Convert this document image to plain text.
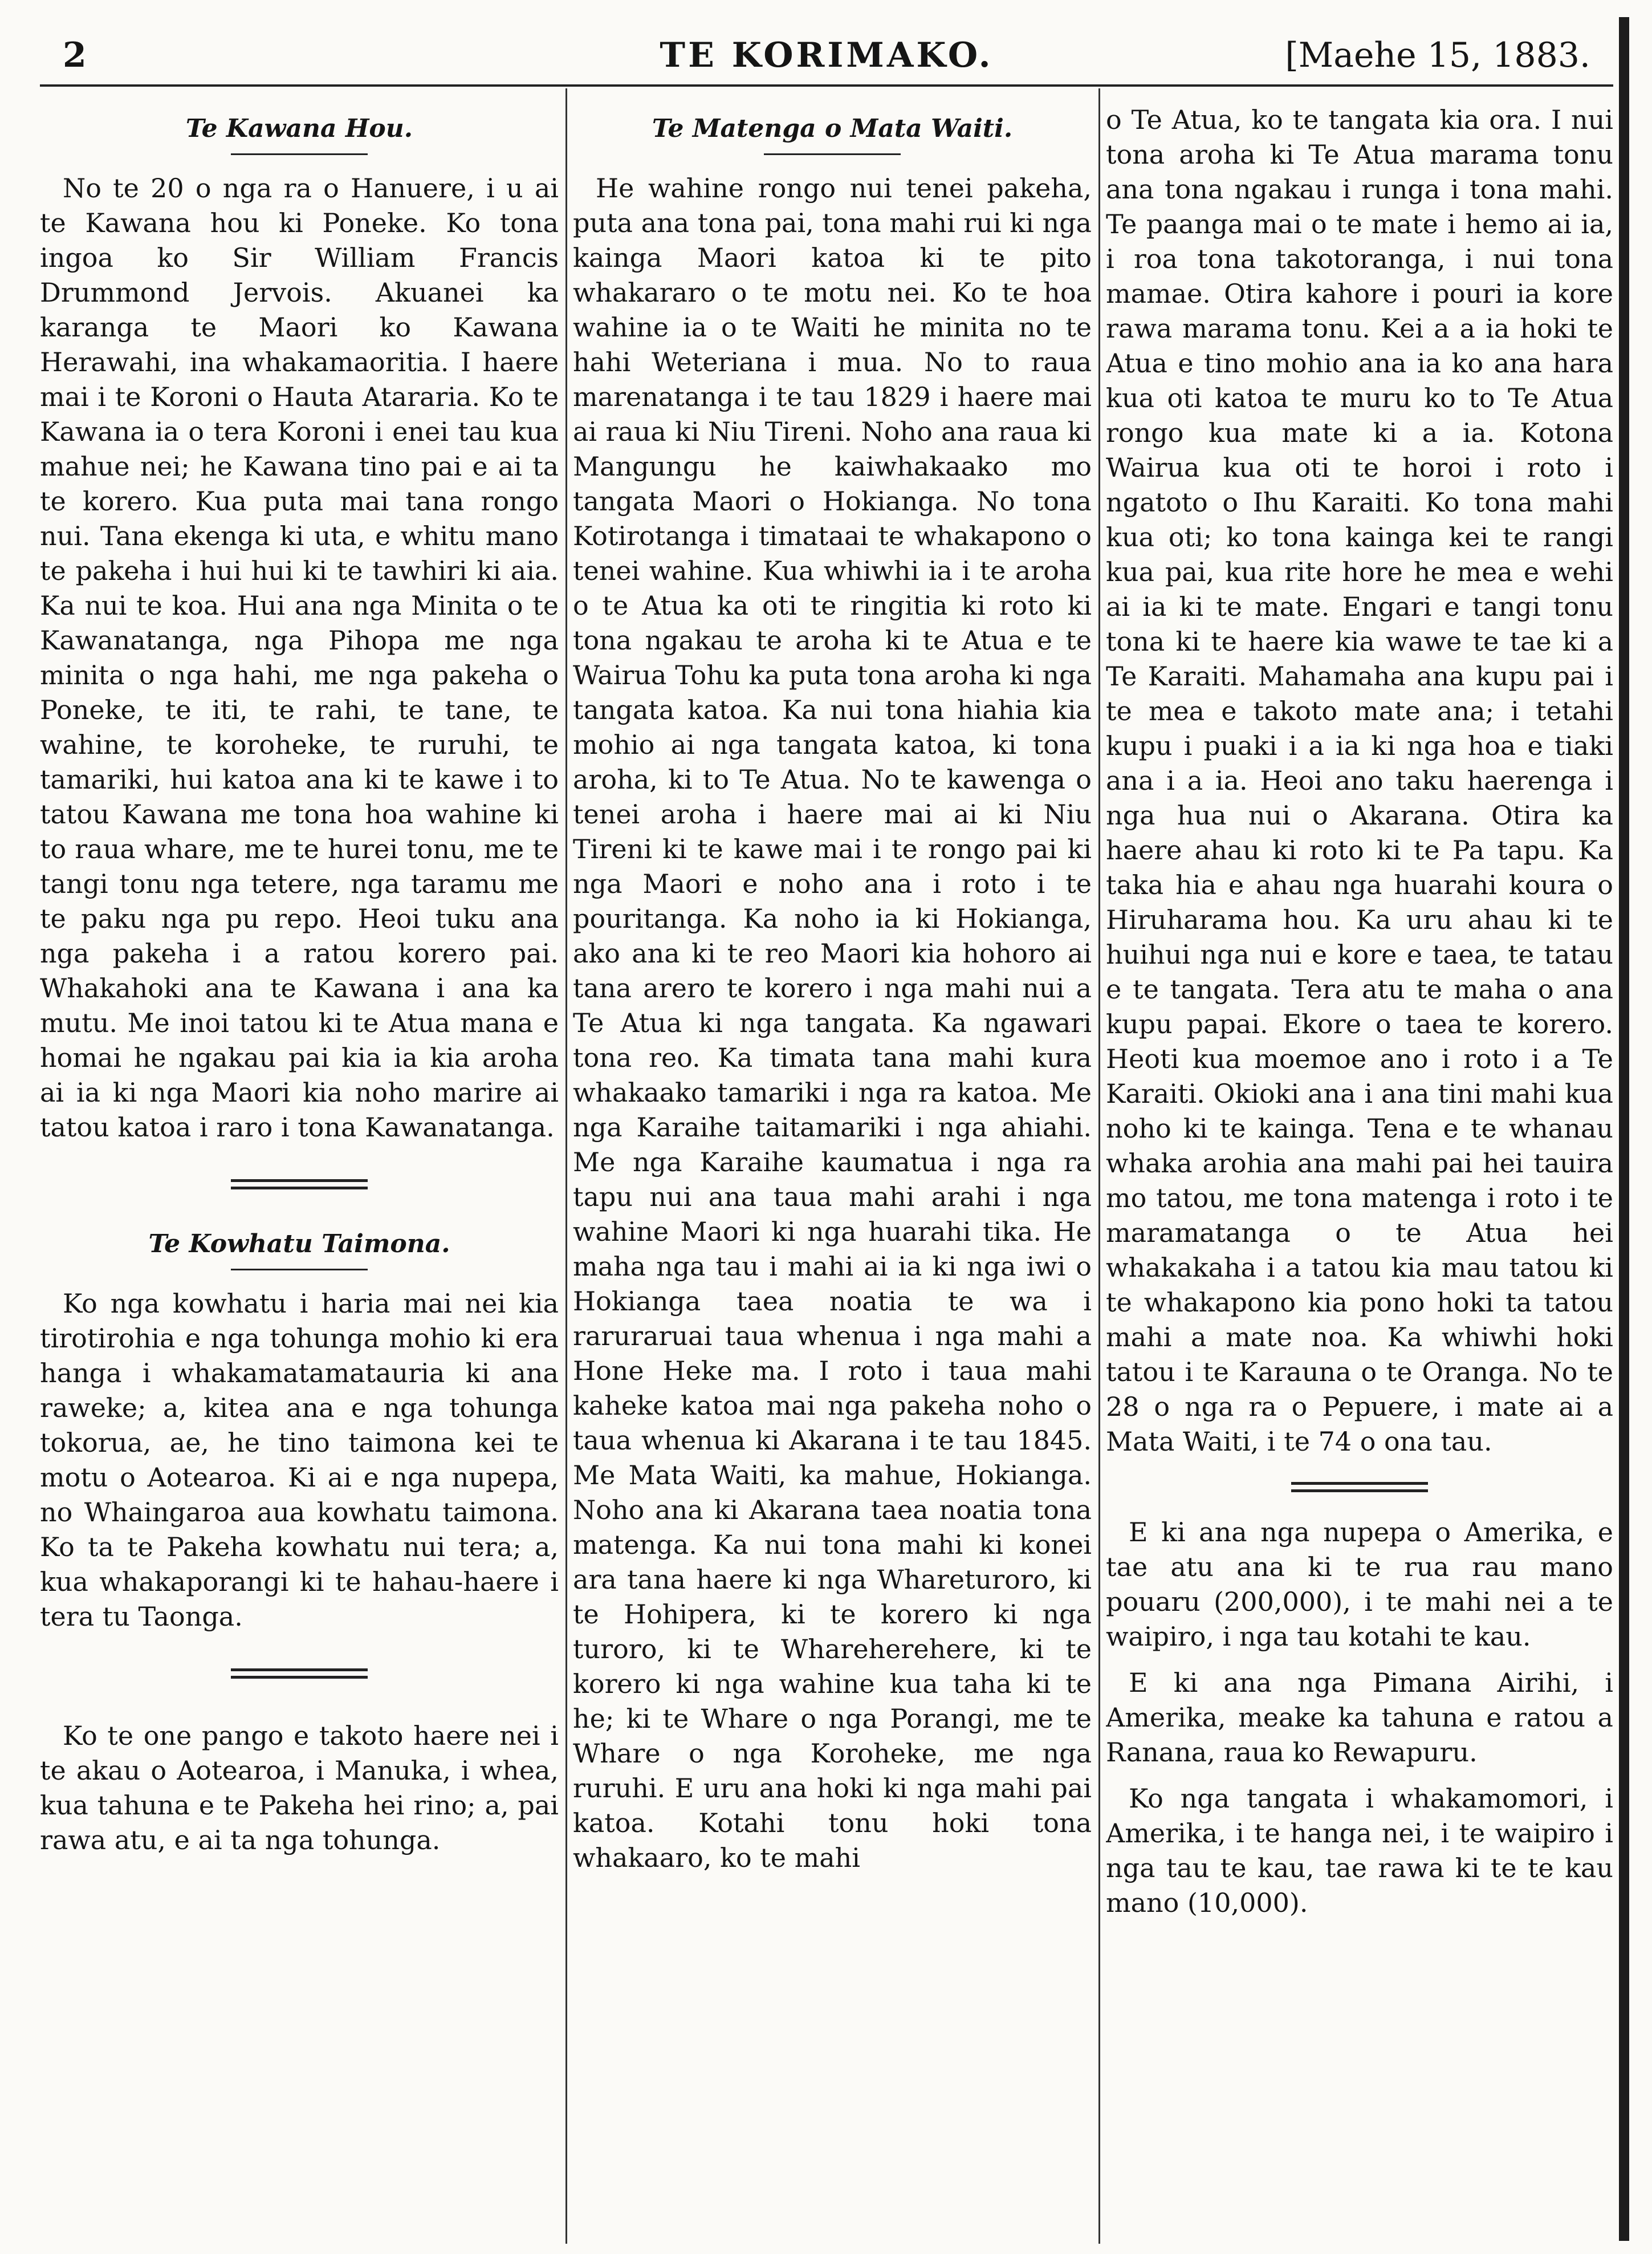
2	TE KORIMAKO.	[Maehe 15, 1883.
Te Kawana Hou.

No te 20 o nga ra o Hanuere, i u ai te Kawana hou ki Poneke. Ko tona ingoa ko Sir William Francis Drummond Jervois. Akuanei ka karanga te Maori ko Kawana Herawahi, ina whakamaoritia. I haere mai i te Koroni o Hauta Atararia. Ko te Kawana ia o tera Koroni i enei tau kua mahue nei; he Kawana tino pai e ai ta te korero. Kua puta mai tana rongo nui. Tana ekenga ki uta, e whitu mano te pakeha i hui hui ki te tawhiri ki aia. Ka nui te koa. Hui ana nga Minita o te Kawanatanga, nga Pihopa me nga minita o nga hahi, me nga pakeha o Poneke, te iti, te rahi, te tane, te wahine, te koroheke, te ruruhi, te tamariki, hui katoa ana ki te kawe i to tatou Kawana me tona hoa wahine ki to raua whare, me te hurei tonu, me te tangi tonu nga tetere, nga taramu me te paku nga pu repo. Heoi tuku ana nga pakeha i a ratou korero pai. Whakahoki ana te Kawana i ana ka mutu. Me inoi tatou ki te Atua mana e homai he ngakau pai kia ia kia aroha ai ia ki nga Maori kia noho marire ai tatou katoa i raro i tona Kawanatanga.

Te Kowhatu Taimona.

Ko nga kowhatu i haria mai nei kia tirotirohia e nga tohunga mohio ki era hanga i whakamatamatauria ki ana raweke; a, kitea ana e nga tohunga tokorua, ae, he tino taimona kei te motu o Aotearoa. Ki ai e nga nupepa, no Whaingaroa aua kowhatu taimona. Ko ta te Pakeha kowhatu nui tera; a, kua whakaporangi ki te hahau-haere i tera tu Taonga.

Ko te one pango e takoto haere nei i te akau o Aotearoa, i Manuka, i whea, kua tahuna e te Pakeha hei rino; a, pai rawa atu, e ai ta nga tohunga.

Te Matenga o Mata Waiti.

He wahine rongo nui tenei pakeha, puta ana tona pai, tona mahi rui ki nga kainga Maori katoa ki te pito whakararo o te motu nei. Ko te hoa wahine ia o te Waiti he minita no te hahi Weteriana i mua. No to raua marenatanga i te tau 1829 i haere mai ai raua ki Niu Tireni. Noho ana raua ki Mangungu he kaiwhakaako mo tangata Maori o Hokianga. No tona Kotirotanga i timataai te whakapono o tenei wahine. Kua whiwhi ia i te aroha o te Atua ka oti te ringitia ki roto ki tona ngakau te aroha ki te Atua e te Wairua Tohu ka puta tona aroha ki nga tangata katoa. Ka nui tona hiahia kia mohio ai nga tangata katoa, ki tona aroha, ki to Te Atua. No te kawenga o tenei aroha i haere mai ai ki Niu Tireni ki te kawe mai i te rongo pai ki nga Maori e noho ana i roto i te pouritanga. Ka noho ia ki Hokianga, ako ana ki te reo Maori kia hohoro ai tana arero te korero i nga mahi nui a Te Atua ki nga tangata. Ka ngawari tona reo. Ka timata tana mahi kura whakaako tamariki i nga ra katoa. Me nga Karaihe taitamariki i nga ahiahi. Me nga Karaihe kaumatua i nga ra tapu nui ana taua mahi arahi i nga wahine Maori ki nga huarahi tika. He maha nga tau i mahi ai ia ki nga iwi o Hokianga taea noatia te wa i raruraruai taua whenua i nga mahi a Hone Heke ma. I roto i taua mahi kaheke katoa mai nga pakeha noho o taua whenua ki Akarana i te tau 1845. Me Mata Waiti, ka mahue, Hokianga. Noho ana ki Akarana taea noatia tona matenga. Ka nui tona mahi ki konei ara tana haere ki nga Whareturoro, ki te Hohipera, ki te korero ki nga turoro, ki te Whareherehere, ki te korero ki nga wahine kua taha ki te he; ki te Whare o nga Porangi, me te Whare o nga Koroheke, me nga ruruhi. E uru ana hoki ki nga mahi pai katoa. Kotahi tonu hoki tona whakaaro, ko te mahi

o Te Atua, ko te tangata kia ora. I nui tona aroha ki Te Atua marama tonu ana tona ngakau i runga i tona mahi. Te paanga mai o te mate i hemo ai ia, i roa tona takotoranga, i nui tona mamae. Otira kahore i pouri ia kore rawa marama tonu. Kei a a ia hoki te Atua e tino mohio ana ia ko ana hara kua oti katoa te muru ko to Te Atua rongo kua mate ki a ia. Kotona Wairua kua oti te horoi i roto i ngatoto o Ihu Karaiti. Ko tona mahi kua oti; ko tona kainga kei te rangi kua pai, kua rite hore he mea e wehi ai ia ki te mate. Engari e tangi tonu tona ki te haere kia wawe te tae ki a Te Karaiti. Mahamaha ana kupu pai i te mea e takoto mate ana; i tetahi kupu i puaki i a ia ki nga hoa e tiaki ana i a ia. Heoi ano taku haerenga i nga hua nui o Akarana. Otira ka haere ahau ki roto ki te Pa tapu. Ka taka hia e ahau nga huarahi koura o Hiruharama hou. Ka uru ahau ki te huihui nga nui e kore e taea, te tatau e te tangata. Tera atu te maha o ana kupu papai. Ekore o taea te korero. Heoti kua moemoe ano i roto i a Te Karaiti. Okioki ana i ana tini mahi kua noho ki te kainga. Tena e te whanau whaka arohia ana mahi pai hei tauira mo tatou, me tona matenga i roto i te maramatanga o te Atua hei whakakaha i a tatou kia mau tatou ki te whakapono kia pono hoki ta tatou mahi a mate noa. Ka whiwhi hoki tatou i te Karauna o te Oranga. No te 28 o nga ra o Pepuere, i mate ai a Mata Waiti, i te 74 o ona tau.

E ki ana nga nupepa o Amerika, e tae atu ana ki te rua rau mano pouaru (200,000), i te mahi nei a te waipiro, i nga tau kotahi te kau.

E ki ana nga Pimana Airihi, i Amerika, meake ka tahuna e ratou a Ranana, raua ko Rewapuru.

Ko nga tangata i whakamomori, i Amerika, i te hanga nei, i te waipiro i nga tau te kau, tae rawa ki te te kau mano (10,000).
